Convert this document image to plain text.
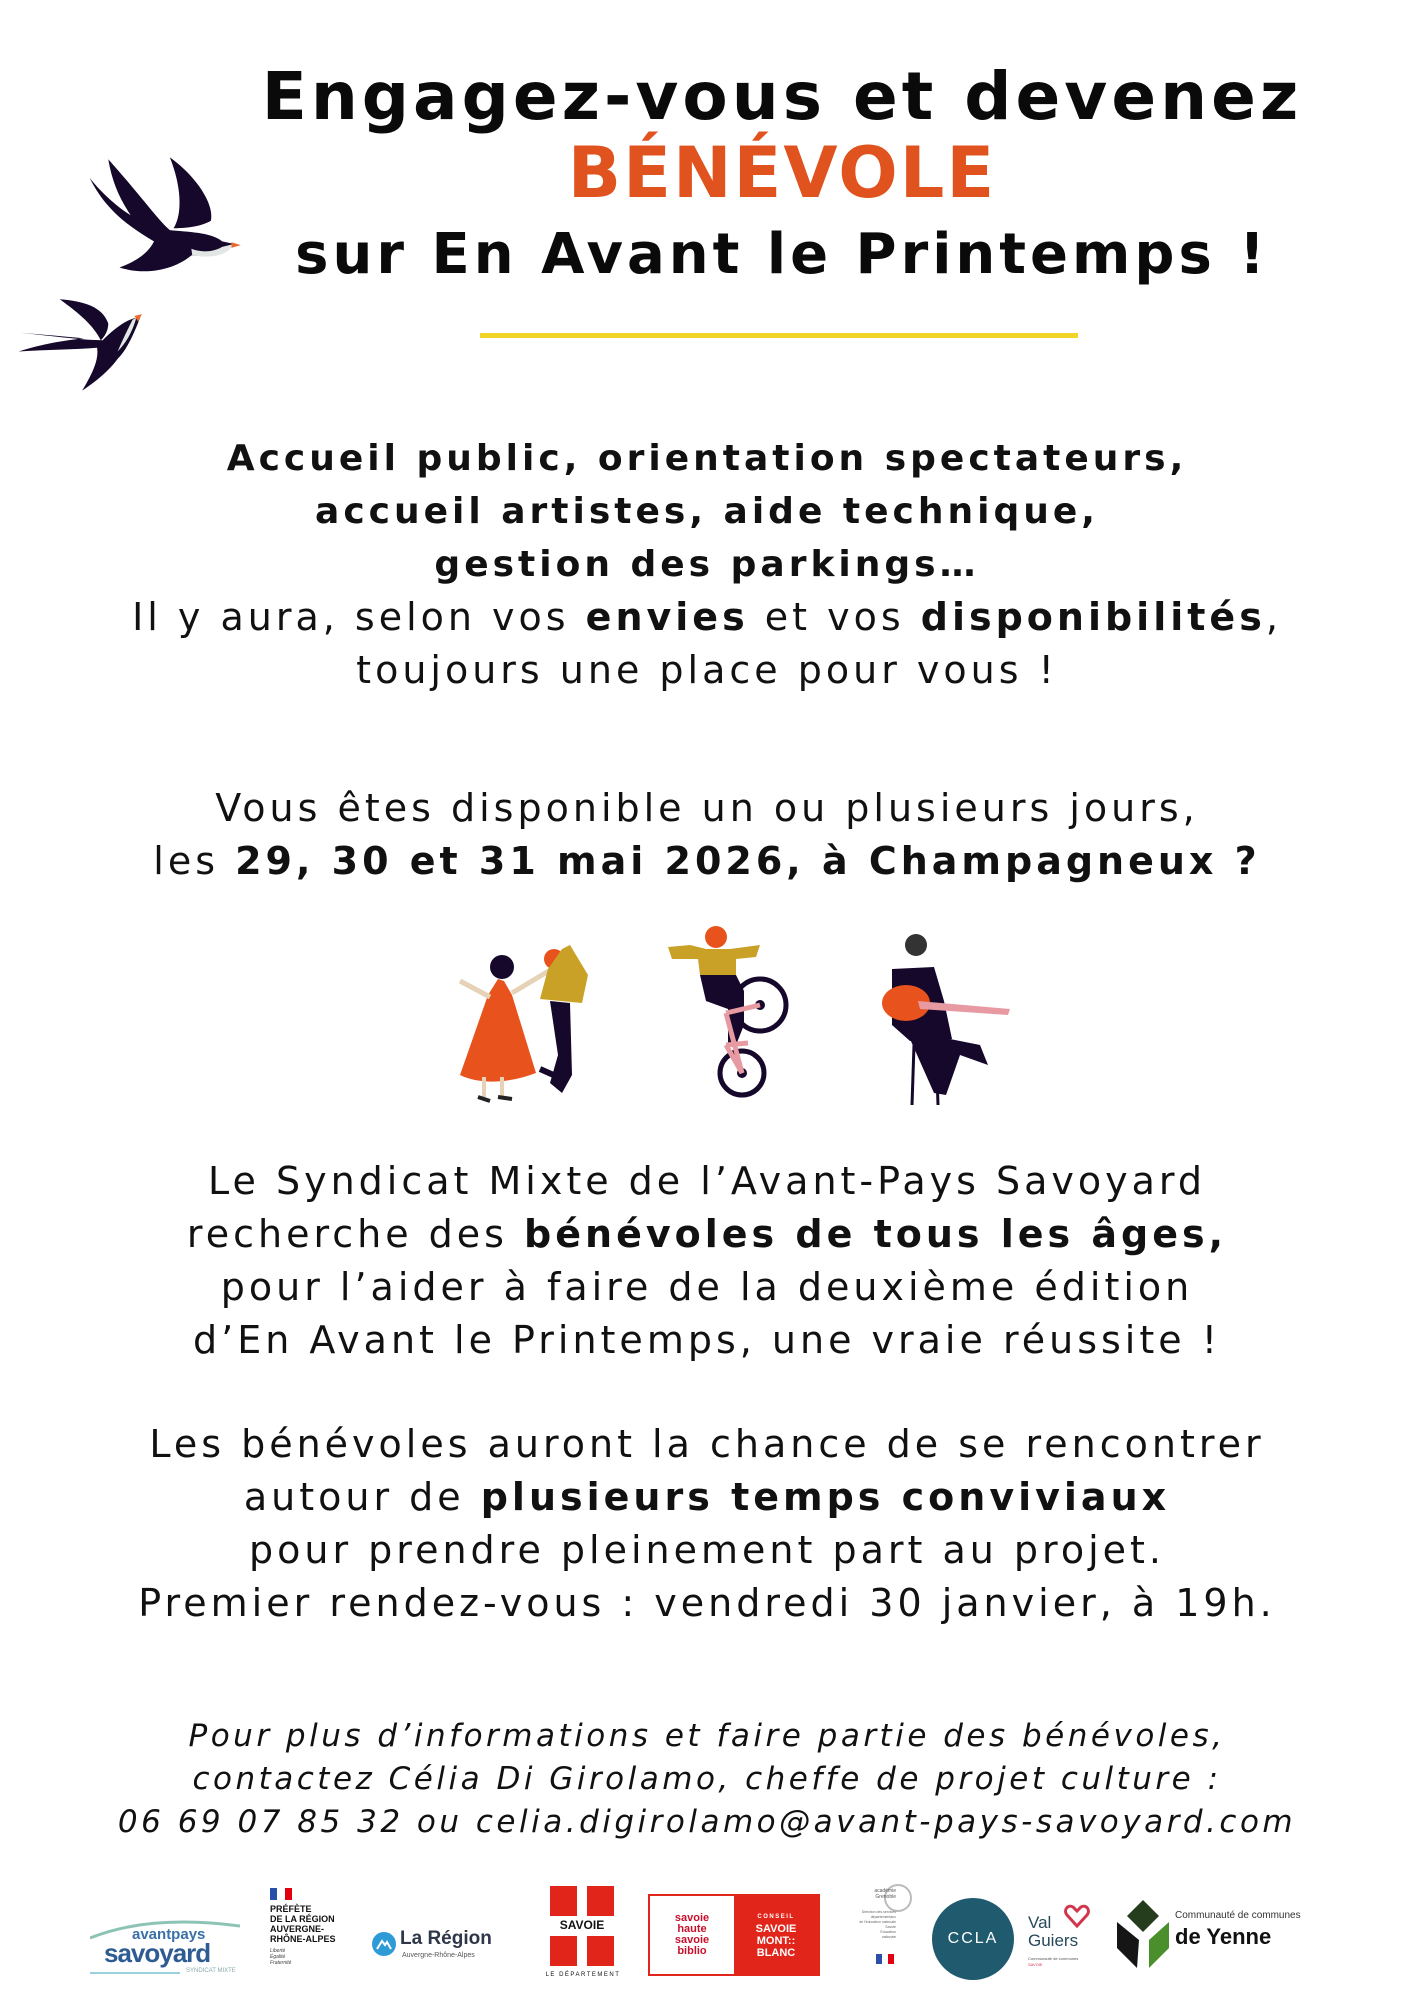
Engagez-vous et devenez
BÉNÉVOLE
sur En Avant le Printemps !
Accueil public, orientation spectateurs,
accueil artistes, aide technique,
gestion des parkings…
Il y aura, selon vos envies et vos disponibilités,
toujours une place pour vous !
Vous êtes disponible un ou plusieurs jours,
les 29, 30 et 31 mai 2026, à Champagneux ?
Le Syndicat Mixte de l’Avant-Pays Savoyard
recherche des bénévoles de tous les âges,
pour l’aider à faire de la deuxième édition
d’En Avant le Printemps, une vraie réussite !
Les bénévoles auront la chance de se rencontrer
autour de plusieurs temps conviviaux
pour prendre pleinement part au projet.
Premier rendez-vous : vendredi 30 janvier, à 19h.
Pour plus d’informations et faire partie des bénévoles,
contactez Célia Di Girolamo, cheffe de projet culture :
06 69 07 85 32 ou celia.digirolamo@avant-pays-savoyard.com
avantpays
savoyard
SYNDICAT MIXTE
PRÉFÈTE
DE LA RÉGION
AUVERGNE-
RHÔNE-ALPES
Liberté
Égalité
Fraternité
La Région
Auvergne-Rhône-Alpes
SAVOIE
LE DÉPARTEMENT
savoie
haute
savoie
biblio
CONSEIL
SAVOIE
MONT::
BLANC
académie
Grenoble
Direction des services
départementaux
de l'éducation nationale
Savoie
Éducation
nationale	CCLA
Val
Guiers
Communauté de communes
SAVOIE
Communauté de communes
de Yenne
